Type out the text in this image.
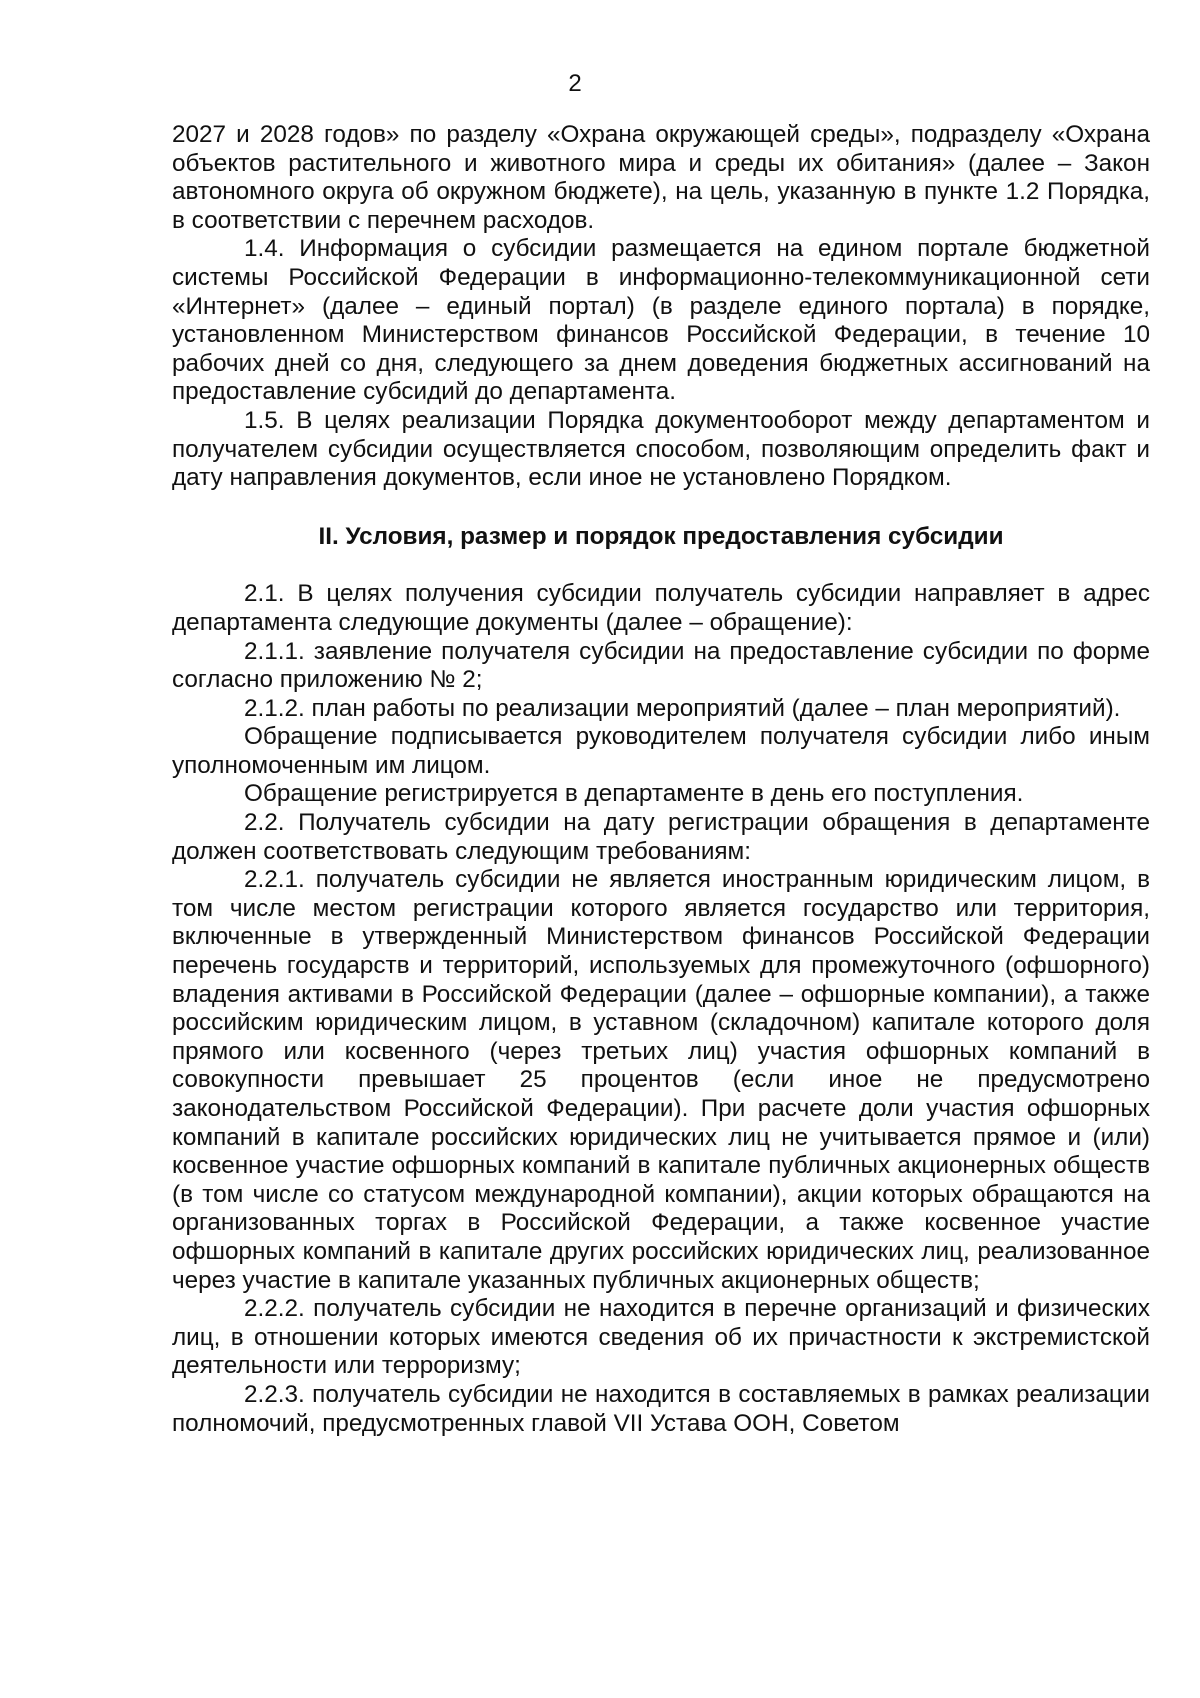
2

2027 и 2028 годов» по разделу «Охрана окружающей среды», подразделу «Охрана объектов растительного и животного мира и среды их обитания» (далее – Закон автономного округа об окружном бюджете), на цель, указанную в пункте 1.2 Порядка, в соответствии с перечнем расходов.

1.4. Информация о субсидии размещается на едином портале бюджетной системы Российской Федерации в информационно-телекоммуникационной сети «Интернет» (далее – единый портал) (в разделе единого портала) в порядке, установленном Министерством финансов Российской Федерации, в течение 10 рабочих дней со дня, следующего за днем доведения бюджетных ассигнований на предоставление субсидий до департамента.

1.5. В целях реализации Порядка документооборот между департаментом и получателем субсидии осуществляется способом, позволяющим определить факт и дату направления документов, если иное не установлено Порядком.

II. Условия, размер и порядок предоставления субсидии

2.1. В целях получения субсидии получатель субсидии направляет в адрес департамента следующие документы (далее – обращение):

2.1.1. заявление получателя субсидии на предоставление субсидии по форме согласно приложению № 2;

2.1.2. план работы по реализации мероприятий (далее – план мероприятий).

Обращение подписывается руководителем получателя субсидии либо иным уполномоченным им лицом.

Обращение регистрируется в департаменте в день его поступления.

2.2. Получатель субсидии на дату регистрации обращения в департаменте должен соответствовать следующим требованиям:

2.2.1. получатель субсидии не является иностранным юридическим лицом, в том числе местом регистрации которого является государство или территория, включенные в утвержденный Министерством финансов Российской Федерации перечень государств и территорий, используемых для промежуточного (офшорного) владения активами в Российской Федерации (далее – офшорные компании), а также российским юридическим лицом, в уставном (складочном) капитале которого доля прямого или косвенного (через третьих лиц) участия офшорных компаний в совокупности превышает 25 процентов (если иное не предусмотрено законодательством Российской Федерации). При расчете доли участия офшорных компаний в капитале российских юридических лиц не учитывается прямое и (или) косвенное участие офшорных компаний в капитале публичных акционерных обществ (в том числе со статусом международной компании), акции которых обращаются на организованных торгах в Российской Федерации, а также косвенное участие офшорных компаний в капитале других российских юридических лиц, реализованное через участие в капитале указанных публичных акционерных обществ;

2.2.2. получатель субсидии не находится в перечне организаций и физических лиц, в отношении которых имеются сведения об их причастности к экстремистской деятельности или терроризму;

2.2.3. получатель субсидии не находится в составляемых в рамках реализации полномочий, предусмотренных главой VII Устава ООН, Советом
